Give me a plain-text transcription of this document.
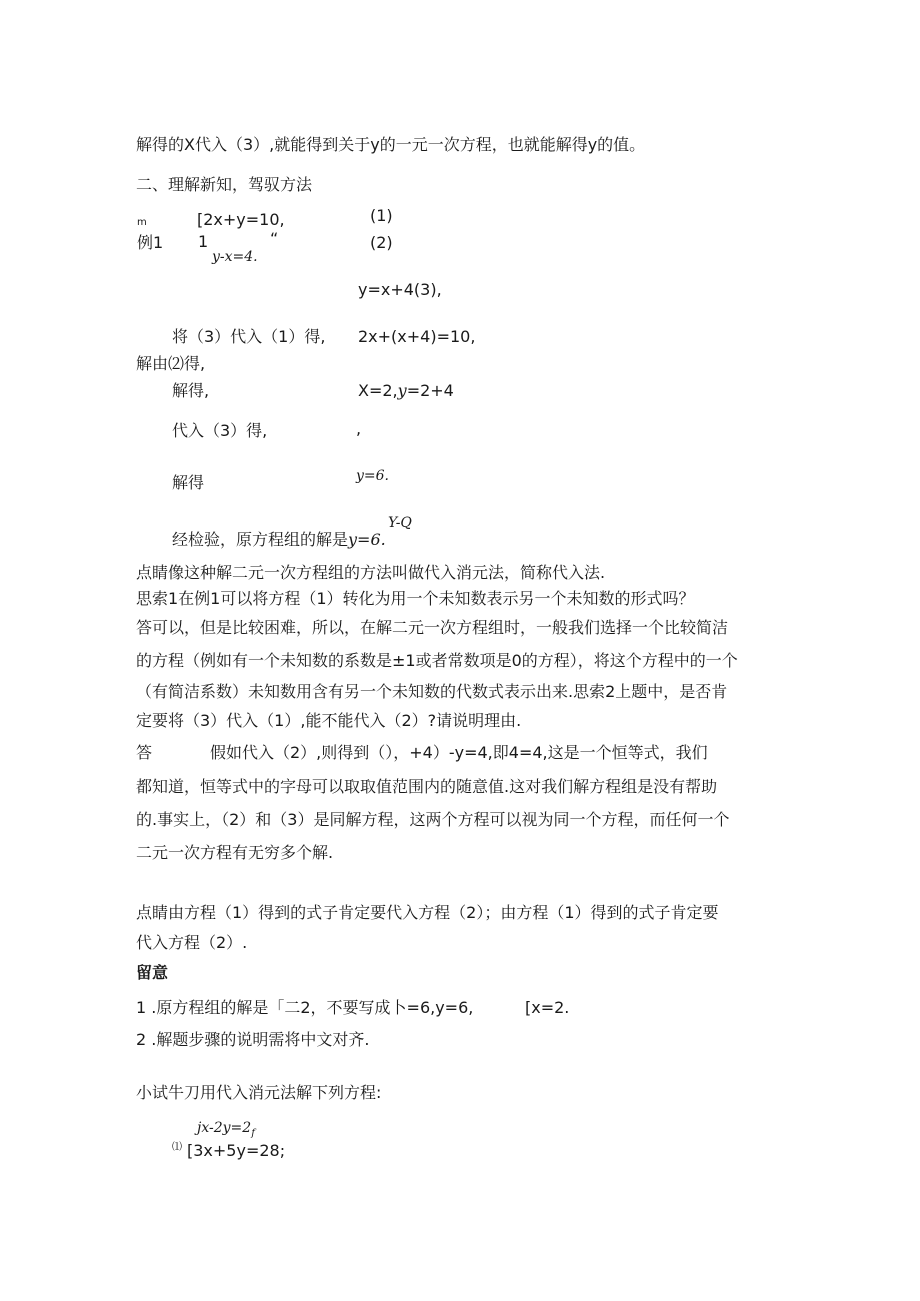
解得的X代入（3）,就能得到关于y的一元一次方程，也就能解得y的值。
二、理解新知，驾驭方法
m
例1
[2x+y=10,	(1)
1	“	(2)
y-x=4.
y=x+4(3),
将（3）代入（1）得, 2x+(x+4)=10,
解由⑵得,
解得,	X=2,y=2+4
代入（3）得,	,
解得	y=6.
经检验，原方程组的解是y=6.
Y-Q
点睛像这种解二元一次方程组的方法叫做代入消元法，简称代入法.
思索1在例1可以将方程（1）转化为用一个未知数表示另一个未知数的形式吗？
答可以，但是比较困难，所以，在解二元一次方程组时，一般我们选择一个比较简洁
的方程（例如有一个未知数的系数是±1或者常数项是0的方程），将这个方程中的一个
（有简洁系数）未知数用含有另一个未知数的代数式表示出来.思索2上题中，是否肯
定要将（3）代入（1）,能不能代入（2）?请说明理由.
答	假如代入（2）,则得到（），+4）-y=4,即4=4,这是一个恒等式，我们
都知道，恒等式中的字母可以取取值范围内的随意值.这对我们解方程组是没有帮助
的.事实上，（2）和（3）是同解方程，这两个方程可以视为同一个方程，而任何一个
二元一次方程有无穷多个解.
点睛由方程（1）得到的式子肯定要代入方程（2）；由方程（1）得到的式子肯定要
代入方程（2）.
留意
1 .原方程组的解是「二2，不要写成卜=6,y=6,	[x=2.
2 .解题步骤的说明需将中文对齐.
小试牛刀用代入消元法解下列方程:
$jx-2y=2_f$
⑴ [3x+5y=28;
